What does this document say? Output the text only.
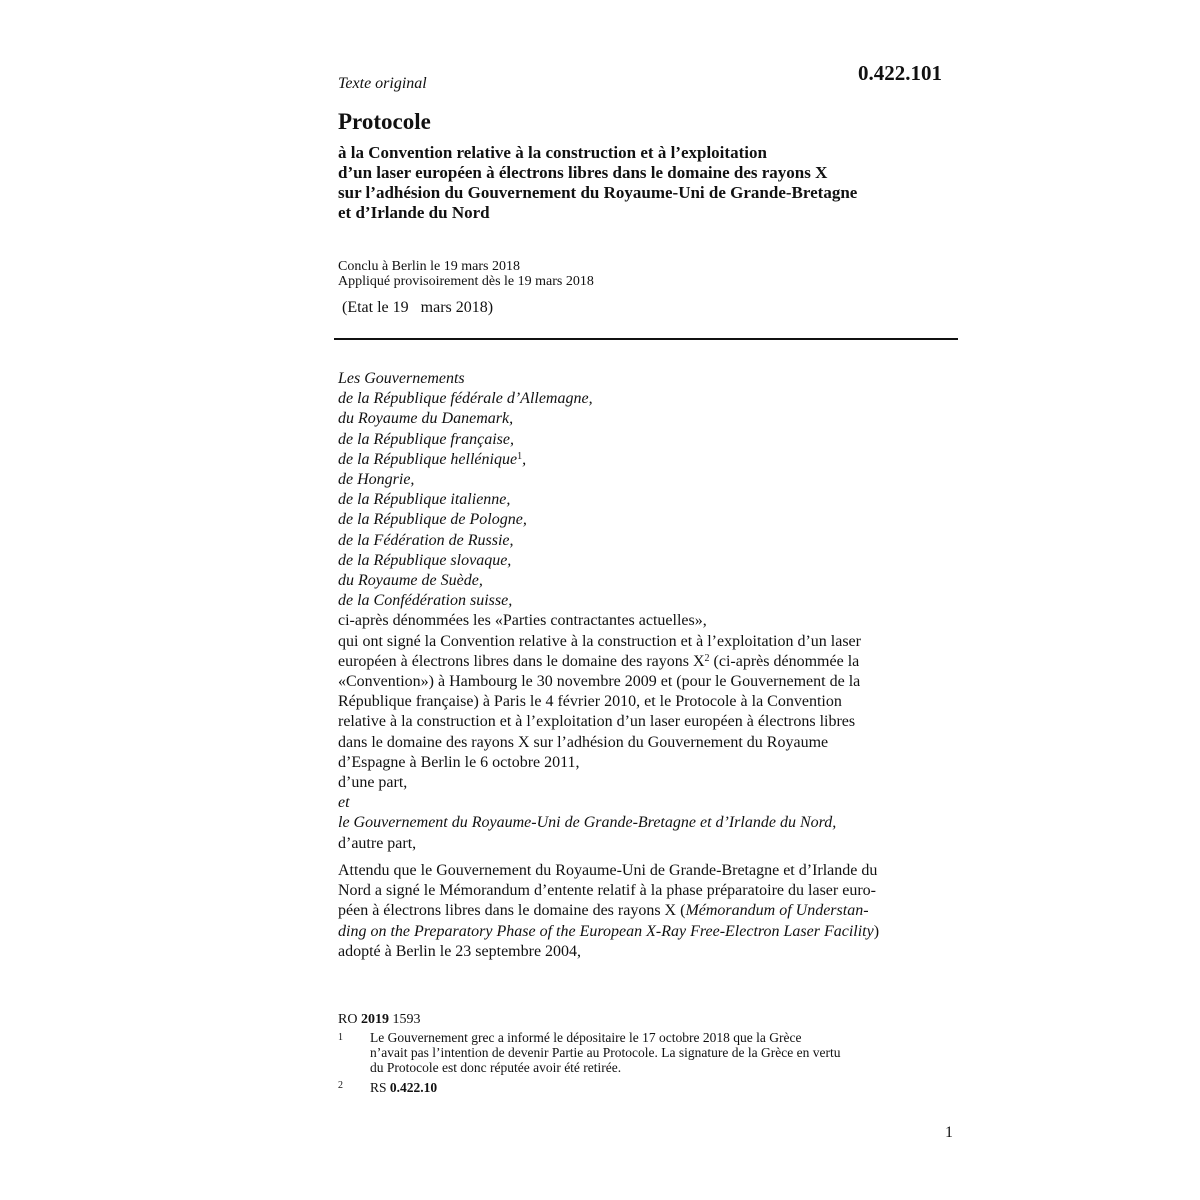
Texte original	0.422.101
Protocole
à la Convention relative à la construction et à l’exploitation
d’un laser européen à électrons libres dans le domaine des rayons X
sur l’adhésion du Gouvernement du Royaume-Uni de Grande-Bretagne
et d’Irlande du Nord
Conclu à Berlin le 19 mars 2018
Appliqué provisoirement dès le 19 mars 2018
(Etat le 19   mars 2018)
Les Gouvernements
de la République fédérale d’Allemagne,
du Royaume du Danemark,
de la République française,
de la République hellénique$^1$,
de Hongrie,
de la République italienne,
de la République de Pologne,
de la Fédération de Russie,
de la République slovaque,
du Royaume de Suède,
de la Confédération suisse,
ci-après dénommées les «Parties contractantes actuelles»,
qui ont signé la Convention relative à la construction et à l’exploitation d’un laser
européen à électrons libres dans le domaine des rayons $X^2$ (ci-après dénommée la
«Convention») à Hambourg le 30 novembre 2009 et (pour le Gouvernement de la
République française) à Paris le 4 février 2010, et le Protocole à la Convention
relative à la construction et à l’exploitation d’un laser européen à électrons libres
dans le domaine des rayons X sur l’adhésion du Gouvernement du Royaume
d’Espagne à Berlin le 6 octobre 2011,
d’une part,
et
le Gouvernement du Royaume-Uni de Grande-Bretagne et d’Irlande du Nord,
d’autre part,
Attendu que le Gouvernement du Royaume-Uni de Grande-Bretagne et d’Irlande du
Nord a signé le Mémorandum d’entente relatif à la phase préparatoire du laser euro-
péen à électrons libres dans le domaine des rayons X (Mémorandum of Understan-
ding on the Preparatory Phase of the European X-Ray Free-Electron Laser Facility)
adopté à Berlin le 23 septembre 2004,
RO 2019 1593
1 Le Gouvernement grec a informé le dépositaire le 17 octobre 2018 que la Grèce
n’avait pas l’intention de devenir Partie au Protocole. La signature de la Grèce en vertu
du Protocole est donc réputée avoir été retirée.
2 RS 0.422.10
1
